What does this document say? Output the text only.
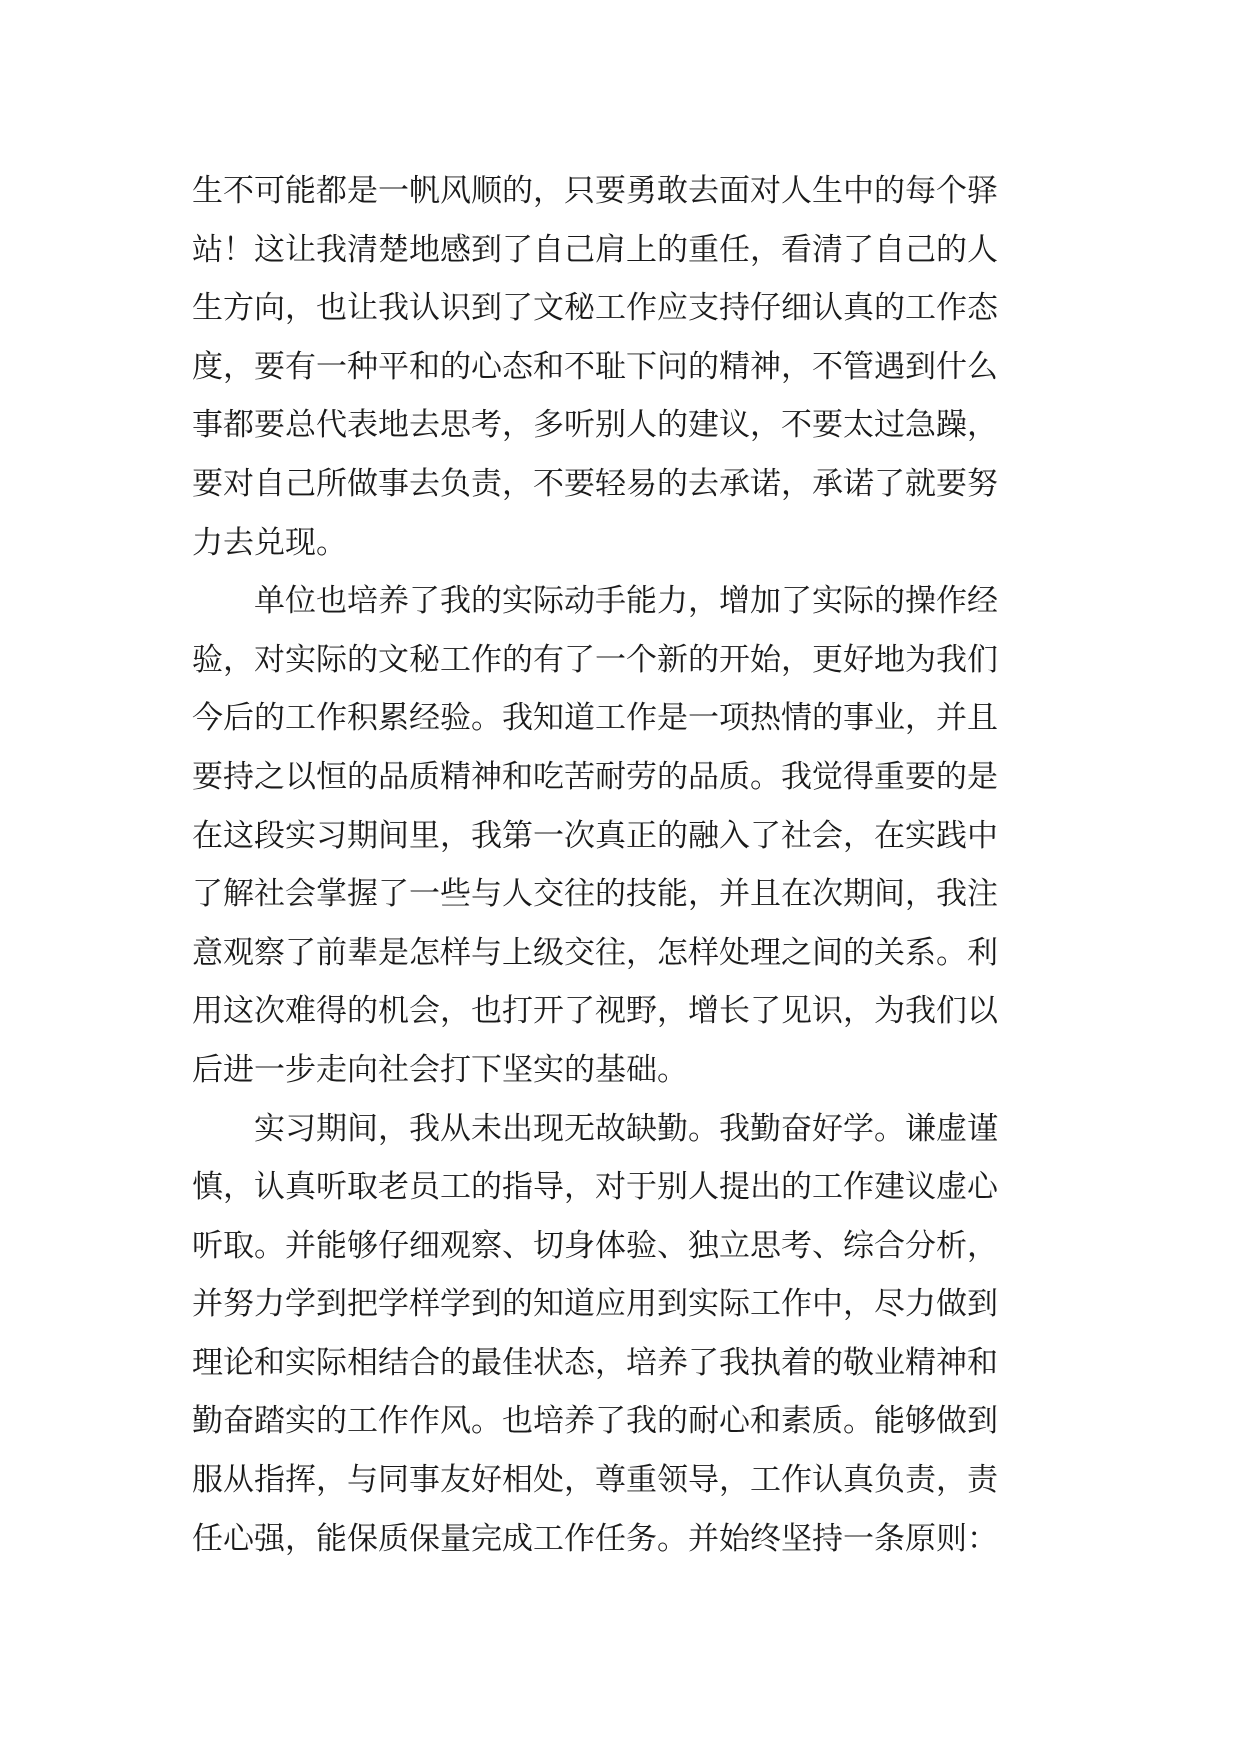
生不可能都是一帆风顺的，只要勇敢去面对人生中的每个驿
站！这让我清楚地感到了自己肩上的重任，看清了自己的人
生方向，也让我认识到了文秘工作应支持仔细认真的工作态
度，要有一种平和的心态和不耻下问的精神，不管遇到什么
事都要总代表地去思考，多听别人的建议，不要太过急躁，
要对自己所做事去负责，不要轻易的去承诺，承诺了就要努
力去兑现。
单位也培养了我的实际动手能力，增加了实际的操作经
验，对实际的文秘工作的有了一个新的开始，更好地为我们
今后的工作积累经验。我知道工作是一项热情的事业，并且
要持之以恒的品质精神和吃苦耐劳的品质。我觉得重要的是
在这段实习期间里，我第一次真正的融入了社会，在实践中
了解社会掌握了一些与人交往的技能，并且在次期间，我注
意观察了前辈是怎样与上级交往，怎样处理之间的关系。利
用这次难得的机会，也打开了视野，增长了见识，为我们以
后进一步走向社会打下坚实的基础。
实习期间，我从未出现无故缺勤。我勤奋好学。谦虚谨
慎，认真听取老员工的指导，对于别人提出的工作建议虚心
听取。并能够仔细观察、切身体验、独立思考、综合分析，
并努力学到把学样学到的知道应用到实际工作中，尽力做到
理论和实际相结合的最佳状态，培养了我执着的敬业精神和
勤奋踏实的工作作风。也培养了我的耐心和素质。能够做到
服从指挥，与同事友好相处，尊重领导，工作认真负责，责
任心强，能保质保量完成工作任务。并始终坚持一条原则：
